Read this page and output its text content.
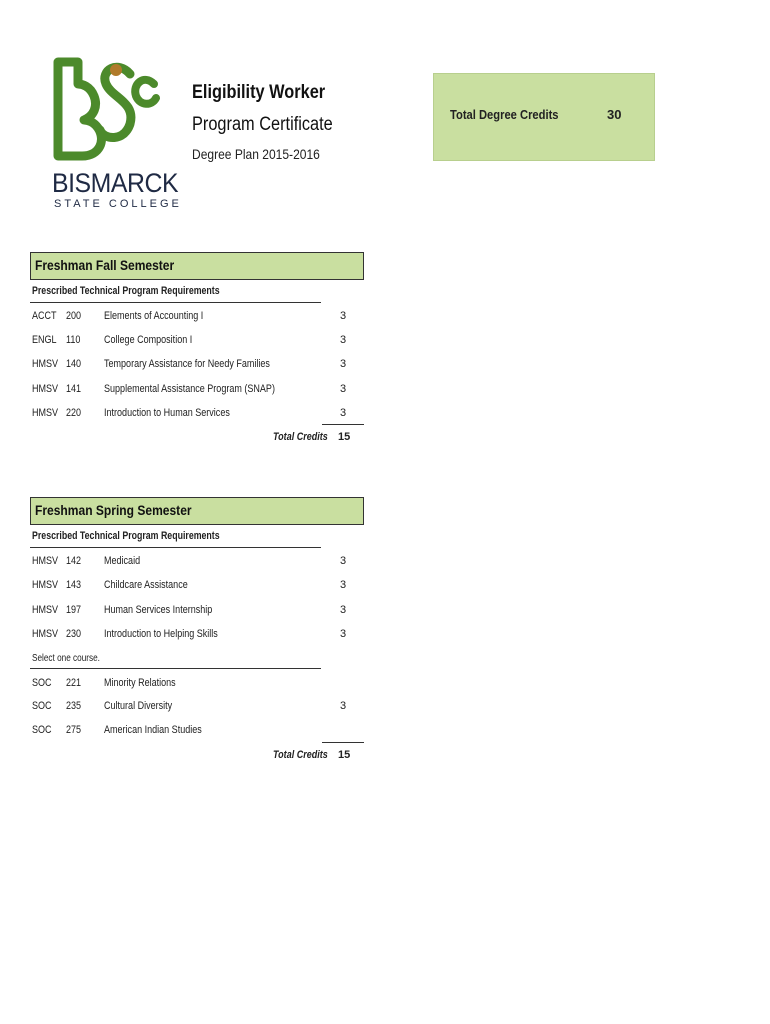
BISMARCK
STATE COLLEGE
Eligibility Worker
Program Certificate
Degree Plan 2015-2016
Total Degree Credits	30
Freshman Fall Semester
Prescribed Technical Program Requirements
ACCT 200 Elements of Accounting I	3
ENGL 110 College Composition I	3
HMSV 140 Temporary Assistance for Needy Families	3
HMSV 141 Supplemental Assistance Program (SNAP)	3
HMSV 220 Introduction to Human Services	3
Total Credits 15
Freshman Spring Semester
Prescribed Technical Program Requirements
HMSV 142 Medicaid	3
HMSV 143 Childcare Assistance	3
HMSV 197 Human Services Internship	3
HMSV 230 Introduction to Helping Skills	3
Select one course.
SOC 221 Minority Relations
SOC 235 Cultural Diversity	3
SOC 275 American Indian Studies
Total Credits 15
